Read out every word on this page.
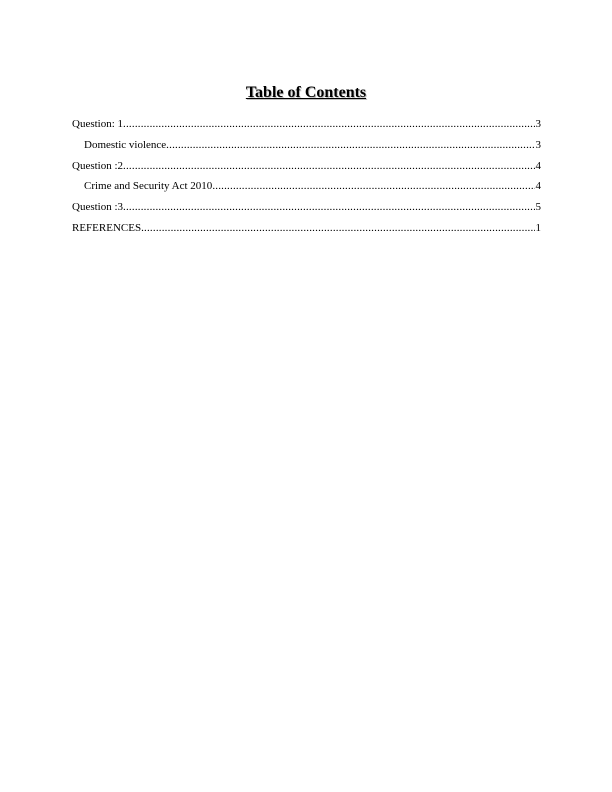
Table of Contents
Question: 1 .....	3
Domestic violence .....	3
Question :2 .....	4
Crime and Security Act 2010 .....	4
Question :3 .....	5
REFERENCES .....	1
